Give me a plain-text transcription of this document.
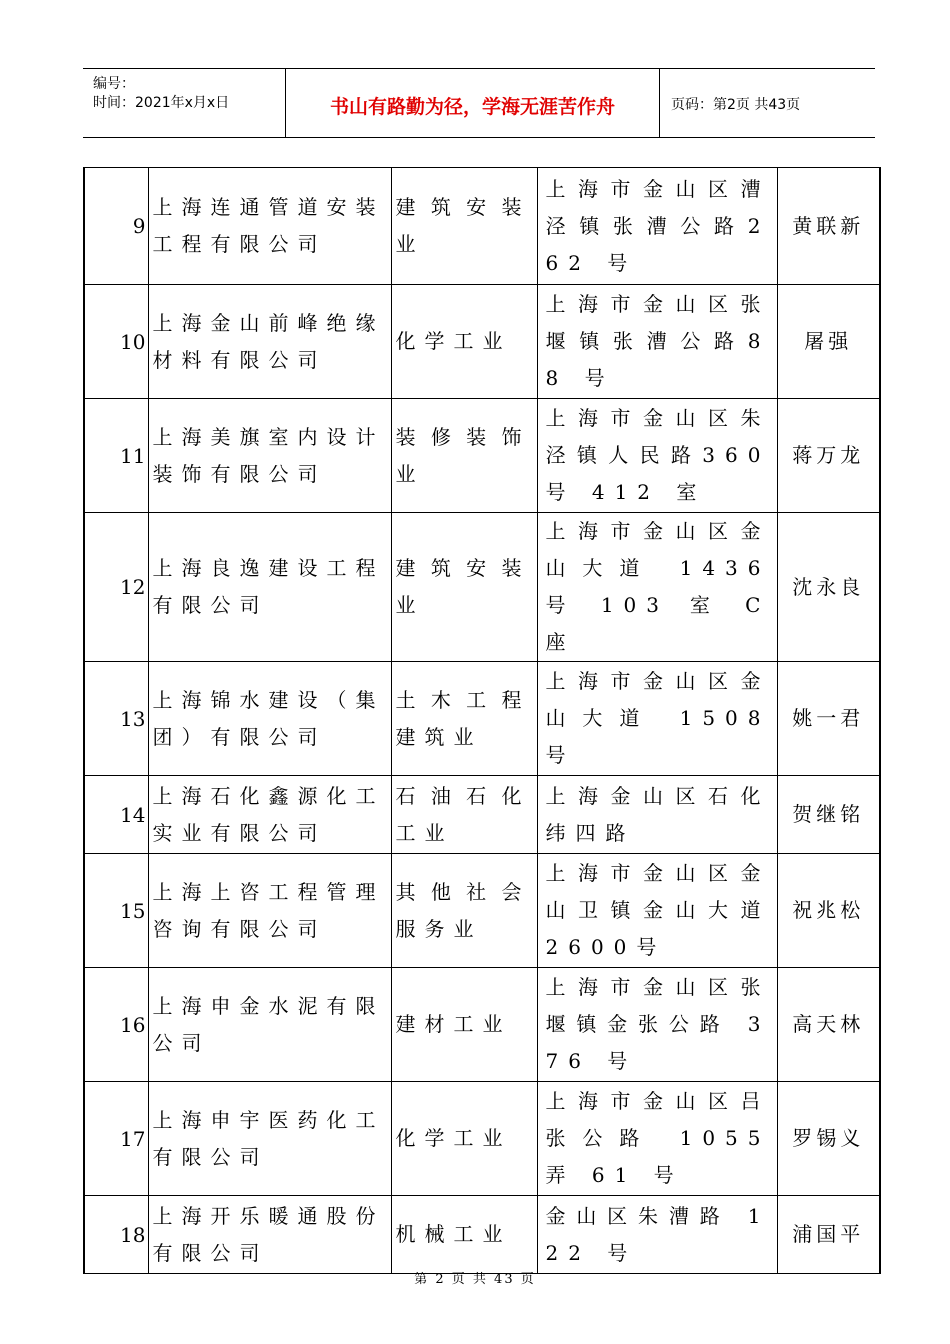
编号：
时间：2021年x月x日	书山有路勤为径，学海无涯苦作舟	页码：第2页 共43页
9	上海连通管道安装工程有限公司	建筑安装业	上海市金山区漕泾镇张漕公路262 号	黄联新
10	上海金山前峰绝缘材料有限公司	化学工业	上海市金山区张堰镇张漕公路88 号	屠强
11	上海美旗室内设计装饰有限公司	装修装饰业	上海市金山区朱泾镇人民路360 号 412 室	蒋万龙
12	上海良逸建设工程有限公司	建筑安装业	上海市金山区金山大道 1436号 103 室 C座	沈永良
13	上海锦水建设（集团）有限公司	土木工程建筑业	上海市金山区金山大道 1508号	姚一君
14	上海石化鑫源化工实业有限公司	石油石化工业	上海金山区石化纬四路	贺继铭
15	上海上咨工程管理咨询有限公司	其他社会服务业	上海市金山区金山卫镇金山大道 2600号	祝兆松
16	上海申金水泥有限公司	建材工业	上海市金山区张堰镇金张公路 376 号	高天林
17	上海申宇医药化工有限公司	化学工业	上海市金山区吕张公路 1055弄 61 号	罗锡义
18	上海开乐暖通股份有限公司	机械工业	金山区朱漕路 122 号	浦国平
第 2 页 共 43 页
